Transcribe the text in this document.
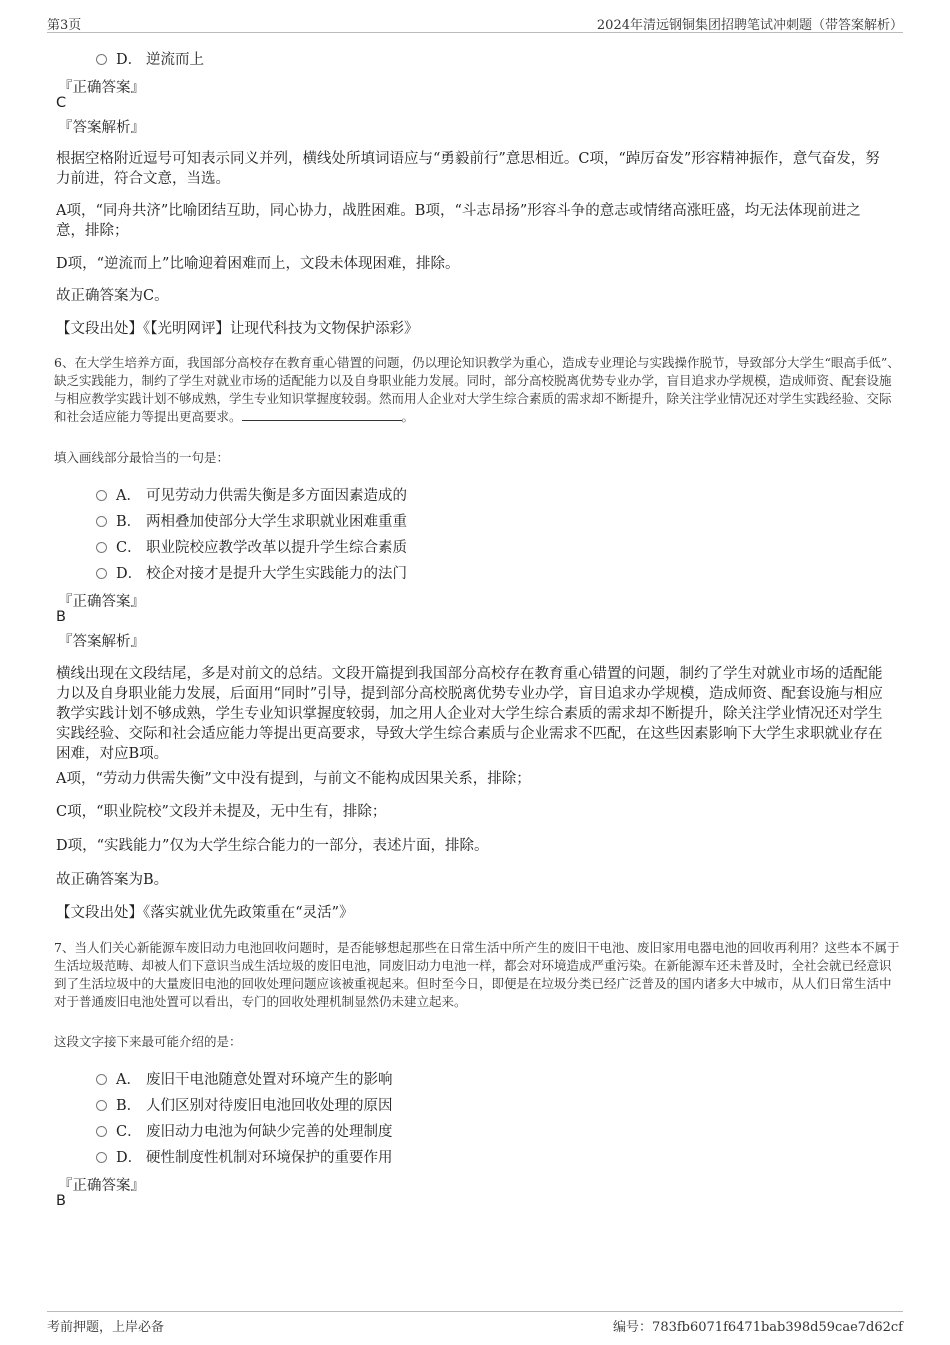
第3页	2024年清远钢铜集团招聘笔试冲刺题（带答案解析）
D． 逆流而上
『正确答案』
C
『答案解析』
根据空格附近逗号可知表示同义并列，横线处所填词语应与“勇毅前行”意思相近。C项，“踔厉奋发”形容精神振作，意气奋发，努力前进，符合文意，当选。
A项，“同舟共济”比喻团结互助，同心协力，战胜困难。B项，“斗志昂扬”形容斗争的意志或情绪高涨旺盛，均无法体现前进之意，排除；
D项，“逆流而上”比喻迎着困难而上，文段未体现困难，排除。
故正确答案为C。
【文段出处】《【光明网评】让现代科技为文物保护添彩》
6、在大学生培养方面，我国部分高校存在教育重心错置的问题，仍以理论知识教学为重心，造成专业理论与实践操作脱节，导致部分大学生“眼高手低”、缺乏实践能力，制约了学生对就业市场的适配能力以及自身职业能力发展。同时，部分高校脱离优势专业办学，盲目追求办学规模，造成师资、配套设施与相应教学实践计划不够成熟，学生专业知识掌握度较弱。然而用人企业对大学生综合素质的需求却不断提升，除关注学业情况还对学生实践经验、交际和社会适应能力等提出更高要求。	。
填入画线部分最恰当的一句是：
A． 可见劳动力供需失衡是多方面因素造成的
B． 两相叠加使部分大学生求职就业困难重重
C． 职业院校应教学改革以提升学生综合素质
D． 校企对接才是提升大学生实践能力的法门
『正确答案』
B
『答案解析』
横线出现在文段结尾，多是对前文的总结。文段开篇提到我国部分高校存在教育重心错置的问题，制约了学生对就业市场的适配能力以及自身职业能力发展，后面用“同时”引导，提到部分高校脱离优势专业办学，盲目追求办学规模，造成师资、配套设施与相应教学实践计划不够成熟，学生专业知识掌握度较弱，加之用人企业对大学生综合素质的需求却不断提升，除关注学业情况还对学生实践经验、交际和社会适应能力等提出更高要求，导致大学生综合素质与企业需求不匹配，在这些因素影响下大学生求职就业存在困难，对应B项。
A项，“劳动力供需失衡”文中没有提到，与前文不能构成因果关系，排除；
C项，“职业院校”文段并未提及，无中生有，排除；
D项，“实践能力”仅为大学生综合能力的一部分，表述片面，排除。
故正确答案为B。
【文段出处】《落实就业优先政策重在“灵活”》
7、当人们关心新能源车废旧动力电池回收问题时，是否能够想起那些在日常生活中所产生的废旧干电池、废旧家用电器电池的回收再利用？这些本不属于生活垃圾范畴、却被人们下意识当成生活垃圾的废旧电池，同废旧动力电池一样，都会对环境造成严重污染。在新能源车还未普及时，全社会就已经意识到了生活垃圾中的大量废旧电池的回收处理问题应该被重视起来。但时至今日，即便是在垃圾分类已经广泛普及的国内诸多大中城市，从人们日常生活中对于普通废旧电池处置可以看出，专门的回收处理机制显然仍未建立起来。
这段文字接下来最可能介绍的是：
A． 废旧干电池随意处置对环境产生的影响
B． 人们区别对待废旧电池回收处理的原因
C． 废旧动力电池为何缺少完善的处理制度
D． 硬性制度性机制对环境保护的重要作用
『正确答案』
B
考前押题，上岸必备	编号：783fb6071f6471bab398d59cae7d62cf
